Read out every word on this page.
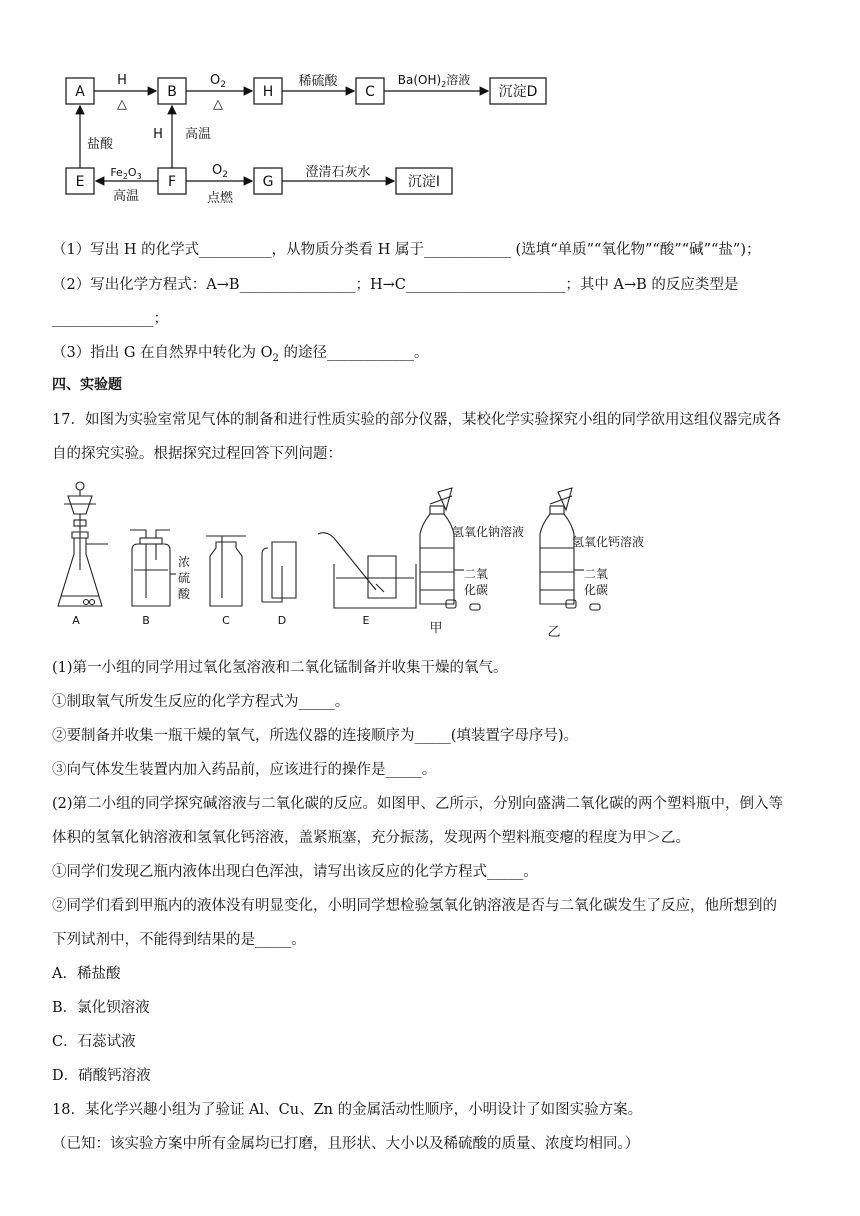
A	B	H	C	沉淀D
E	F	G	沉淀I
H
△
$O_2$
△
稀硫酸	$Ba(OH)_2$溶液
盐酸
H 高温
$Fe_2O_3$
高温
$O_2$
点燃
澄清石灰水
（1）写出 H 的化学式__________，从物质分类看 H 属于____________ (选填“单质”“氧化物”“酸”“碱”“盐”)；
（2）写出化学方程式：A→B________________；H→C______________________；其中 A→B 的反应类型是
______________；
（3）指出 G 在自然界中转化为 $O_2$ 的途径____________。
四、实验题
17．如图为实验室常见气体的制备和进行性质实验的部分仪器，某校化学实验探究小组的同学欲用这组仪器完成各
自的探究实验。根据探究过程回答下列问题：
A	B	C	D	E
甲	乙
浓
硫
酸
氢氧化钠溶液
氢氧化钙溶液
二氧
化碳
二氧
化碳
(1)第一小组的同学用过氧化氢溶液和二氧化锰制备并收集干燥的氧气。
①制取氧气所发生反应的化学方程式为_____。
②要制备并收集一瓶干燥的氧气，所选仪器的连接顺序为_____(填装置字母序号)。
③向气体发生装置内加入药品前，应该进行的操作是_____。
(2)第二小组的同学探究碱溶液与二氧化碳的反应。如图甲、乙所示，分别向盛满二氧化碳的两个塑料瓶中，倒入等
体积的氢氧化钠溶液和氢氧化钙溶液，盖紧瓶塞，充分振荡，发现两个塑料瓶变瘪的程度为甲＞乙。
①同学们发现乙瓶内液体出现白色浑浊，请写出该反应的化学方程式_____。
②同学们看到甲瓶内的液体没有明显变化，小明同学想检验氢氧化钠溶液是否与二氧化碳发生了反应，他所想到的
下列试剂中，不能得到结果的是_____。
A．稀盐酸
B．氯化钡溶液
C．石蕊试液
D．硝酸钙溶液
18．某化学兴趣小组为了验证 Al、Cu、Zn 的金属活动性顺序，小明设计了如图实验方案。
（已知：该实验方案中所有金属均已打磨，且形状、大小以及稀硫酸的质量、浓度均相同。）
